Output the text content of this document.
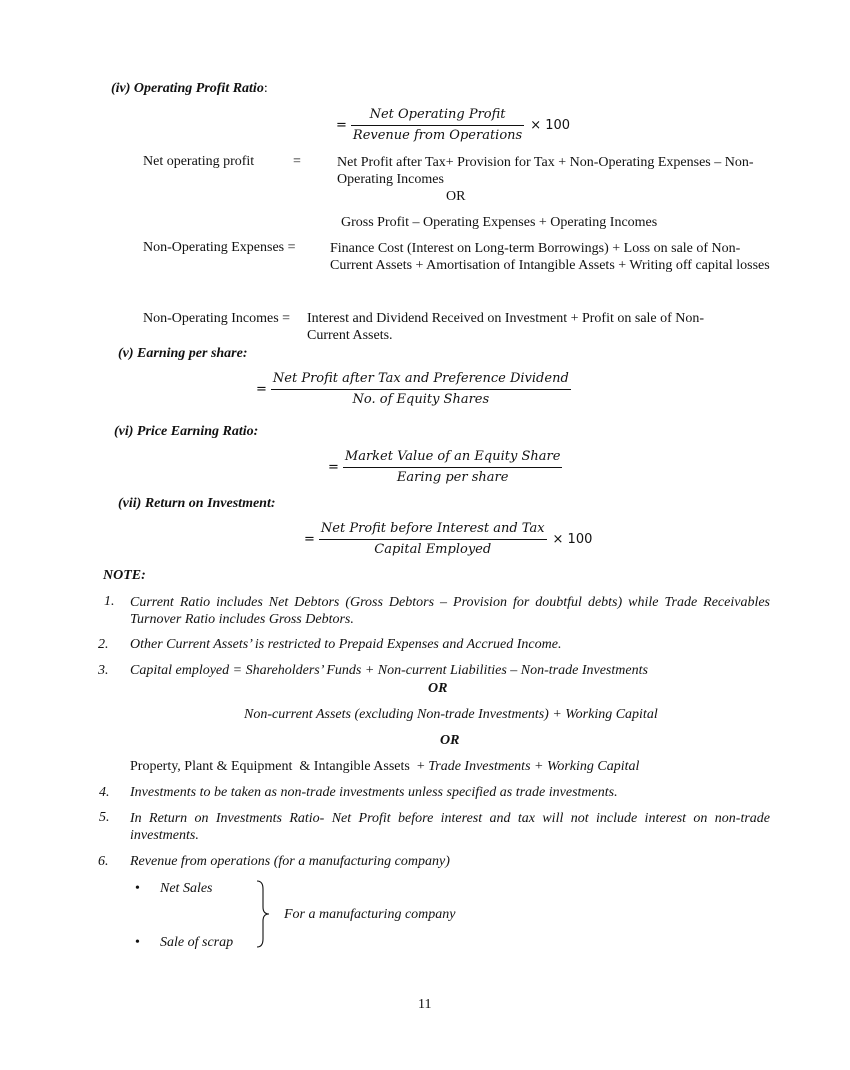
(iv) Operating Profit Ratio:
= $\frac{\text{Net Operating Profit}}{\text{Revenue from Operations}} \times 100$
Net operating profit	=	Net Profit after Tax+ Provision for Tax + Non-Operating Expenses – Non-Operating Incomes
OR
Gross Profit – Operating Expenses + Operating Incomes
Non-Operating Expenses = Finance Cost (Interest on Long-term Borrowings) + Loss on sale of Non-Current Assets + Amortisation of Intangible Assets + Writing off capital losses
Non-Operating Incomes = Interest and Dividend Received on Investment + Profit on sale of Non-
Current Assets.
(v) Earning per share:
= $\frac{\text{Net Profit after Tax and Preference Dividend}}{\text{No. of Equity Shares}}$
(vi) Price Earning Ratio:
= $\frac{\text{Market Value of an Equity Share}}{\text{Earing per share}}$
(vii) Return on Investment:
= $\frac{\text{Net Profit before Interest and Tax}}{\text{Capital Employed}} \times 100$
NOTE:
1. Current Ratio includes Net Debtors (Gross Debtors – Provision for doubtful debts) while Trade Receivables Turnover Ratio includes Gross Debtors.
2. Other Current Assets’ is restricted to Prepaid Expenses and Accrued Income.
3. Capital employed = Shareholders’ Funds + Non-current Liabilities – Non-trade Investments
OR
Non-current Assets (excluding Non-trade Investments) + Working Capital
OR
Property, Plant & Equipment  & Intangible Assets  + Trade Investments + Working Capital
4. Investments to be taken as non-trade investments unless specified as trade investments.
5. In Return on Investments Ratio- Net Profit before interest and tax will not include interest on non-trade investments.
6. Revenue from operations (for a manufacturing company)
• Net Sales
• Sale of scrap
For a manufacturing company
11
